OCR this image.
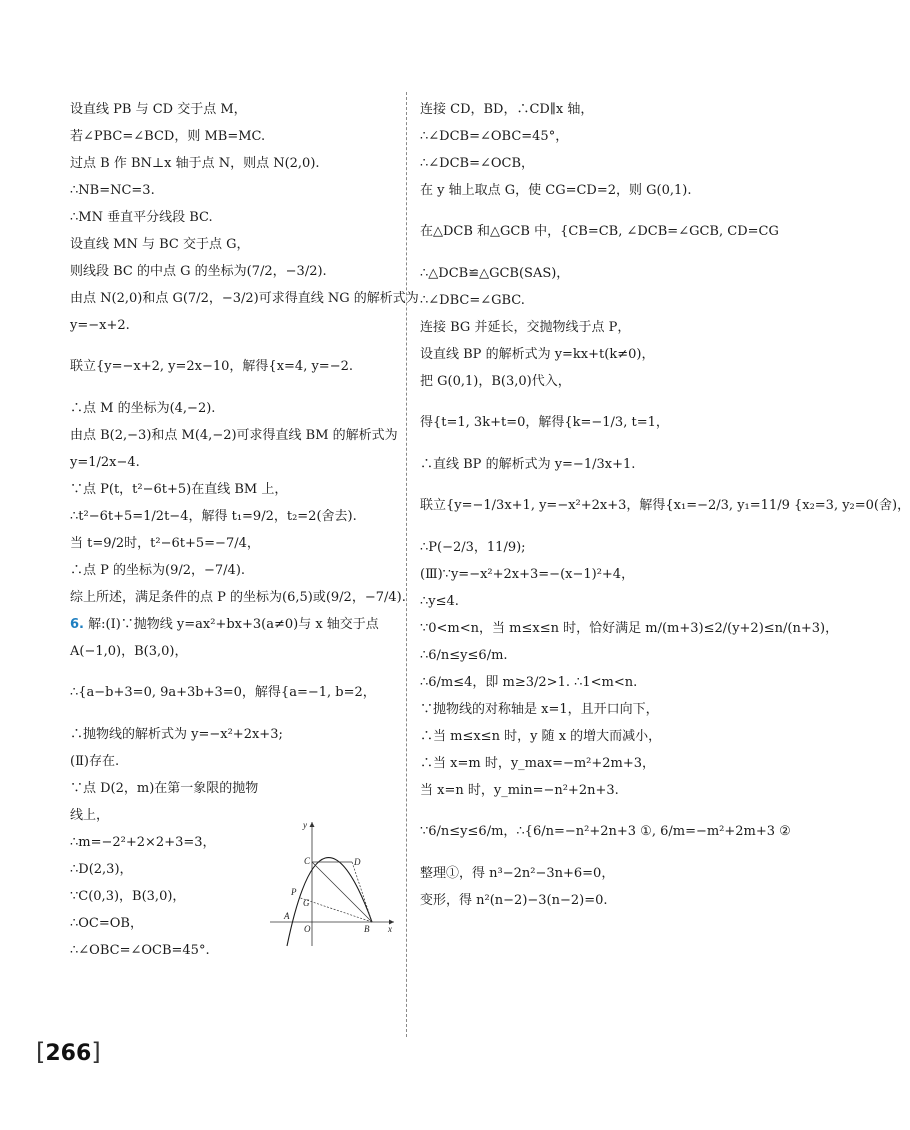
设直线 PB 与 CD 交于点 M，
若∠PBC=∠BCD，则 MB=MC.
过点 B 作 BN⊥x 轴于点 N，则点 N(2,0).
∴NB=NC=3.
∴MN 垂直平分线段 BC.
设直线 MN 与 BC 交于点 G，
则线段 BC 的中点 G 的坐标为(7/2，−3/2).
由点 N(2,0)和点 G(7/2，−3/2)可求得直线 NG 的解析式为
y=−x+2.
联立{y=−x+2, y=2x−10，解得{x=4, y=−2.
∴点 M 的坐标为(4,−2).
由点 B(2,−3)和点 M(4,−2)可求得直线 BM 的解析式为
y=1/2x−4.
∵点 P(t，t²−6t+5)在直线 BM 上，
∴t²−6t+5=1/2t−4，解得 t₁=9/2，t₂=2(舍去).
当 t=9/2时，t²−6t+5=−7/4，
∴点 P 的坐标为(9/2，−7/4).
综上所述，满足条件的点 P 的坐标为(6,5)或(9/2，−7/4).
6. 解:(Ⅰ)∵抛物线 y=ax²+bx+3(a≠0)与 x 轴交于点
A(−1,0)，B(3,0)，
∴{a−b+3=0, 9a+3b+3=0，解得{a=−1, b=2，
∴抛物线的解析式为 y=−x²+2x+3;
(Ⅱ)存在.
∵点 D(2，m)在第一象限的抛物
线上，
∴m=−2²+2×2+3=3，
∴D(2,3)，
∵C(0,3)，B(3,0)，
∴OC=OB，
∴∠OBC=∠OCB=45°.
连接 CD，BD，∴CD∥x 轴，
∴∠DCB=∠OBC=45°，
∴∠DCB=∠OCB，
在 y 轴上取点 G，使 CG=CD=2，则 G(0,1).
在△DCB 和△GCB 中，{CB=CB, ∠DCB=∠GCB, CD=CG
∴△DCB≌△GCB(SAS)，
∴∠DBC=∠GBC.
连接 BG 并延长，交抛物线于点 P，
设直线 BP 的解析式为 y=kx+t(k≠0)，
把 G(0,1)，B(3,0)代入，
得{t=1, 3k+t=0，解得{k=−1/3, t=1，
∴直线 BP 的解析式为 y=−1/3x+1.
联立{y=−1/3x+1, y=−x²+2x+3，解得{x₁=−2/3, y₁=11/9 {x₂=3, y₂=0(舍)，
∴P(−2/3，11/9);
(Ⅲ)∵y=−x²+2x+3=−(x−1)²+4，
∴y≤4.
∵0<m<n，当 m≤x≤n 时，恰好满足 m/(m+3)≤2/(y+2)≤n/(n+3)，
∴6/n≤y≤6/m.
∴6/m≤4，即 m≥3/2>1. ∴1<m<n.
∵抛物线的对称轴是 x=1，且开口向下，
∴当 m≤x≤n 时，y 随 x 的增大而减小，
∴当 x=m 时，y_max=−m²+2m+3，
当 x=n 时，y_min=−n²+2n+3.
∵6/n≤y≤6/m，∴{6/n=−n²+2n+3 ①, 6/m=−m²+2m+3 ②
整理①，得 n³−2n²−3n+6=0，
变形，得 n²(n−2)−3(n−2)=0.
y
x
C	D
P
G
A
O	B
[266]
